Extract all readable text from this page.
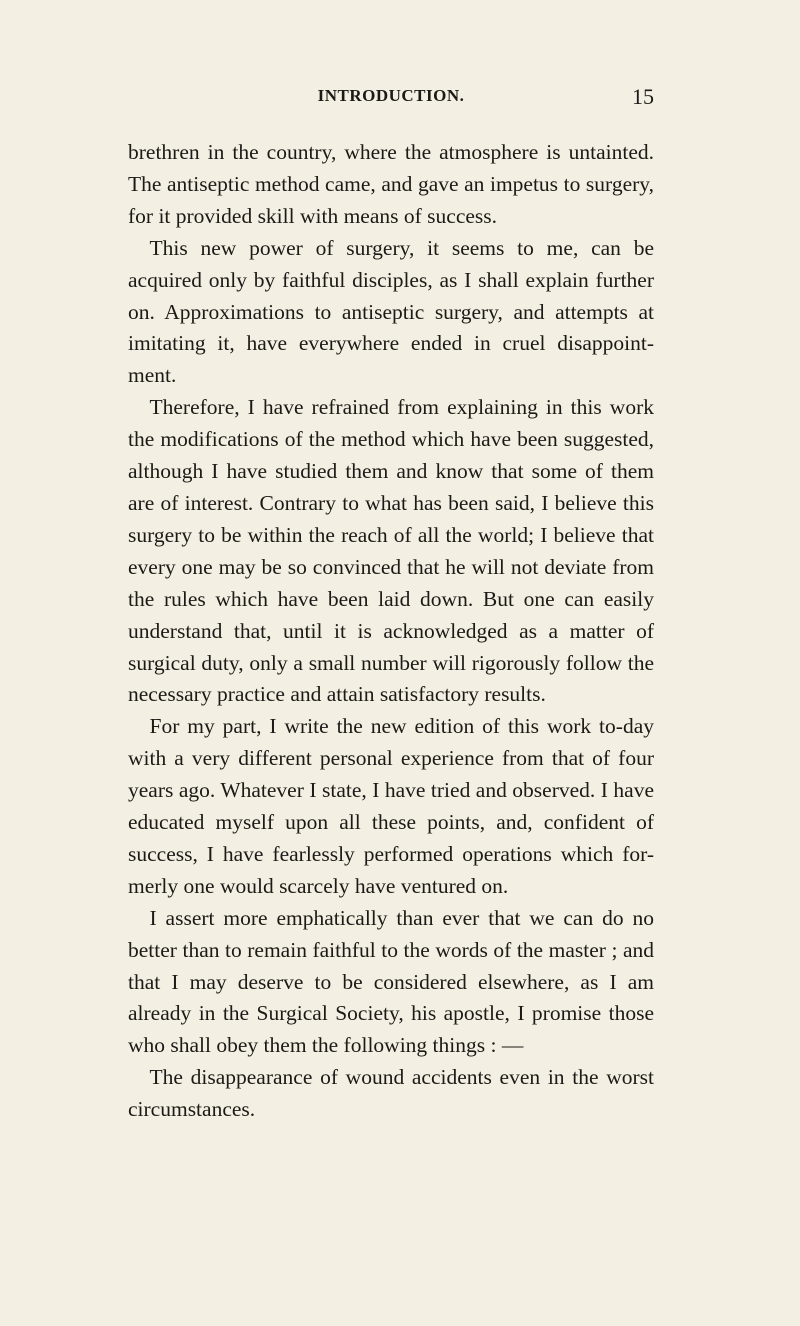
INTRODUCTION.	15

brethren in the country, where the atmosphere is untainted. The antiseptic method came, and gave an impetus to surgery, for it provided skill with means of success.

This new power of surgery, it seems to me, can be acquired only by faithful disciples, as I shall explain further on. Approximations to antiseptic surgery, and attempts at imitating it, have everywhere ended in cruel disappoint-ment.

Therefore, I have refrained from explaining in this work the modifications of the method which have been suggested, although I have studied them and know that some of them are of interest. Contrary to what has been said, I believe this surgery to be within the reach of all the world; I believe that every one may be so convinced that he will not deviate from the rules which have been laid down. But one can easily understand that, until it is acknowledged as a matter of surgical duty, only a small number will rigorously follow the necessary practice and attain satisfactory results.

For my part, I write the new edition of this work to-day with a very different personal experience from that of four years ago. Whatever I state, I have tried and observed. I have educated myself upon all these points, and, confident of success, I have fearlessly performed operations which for-merly one would scarcely have ventured on.

I assert more emphatically than ever that we can do no better than to remain faithful to the words of the master ; and that I may deserve to be considered elsewhere, as I am already in the Surgical Society, his apostle, I promise those who shall obey them the following things : —

The disappearance of wound accidents even in the worst circumstances.
